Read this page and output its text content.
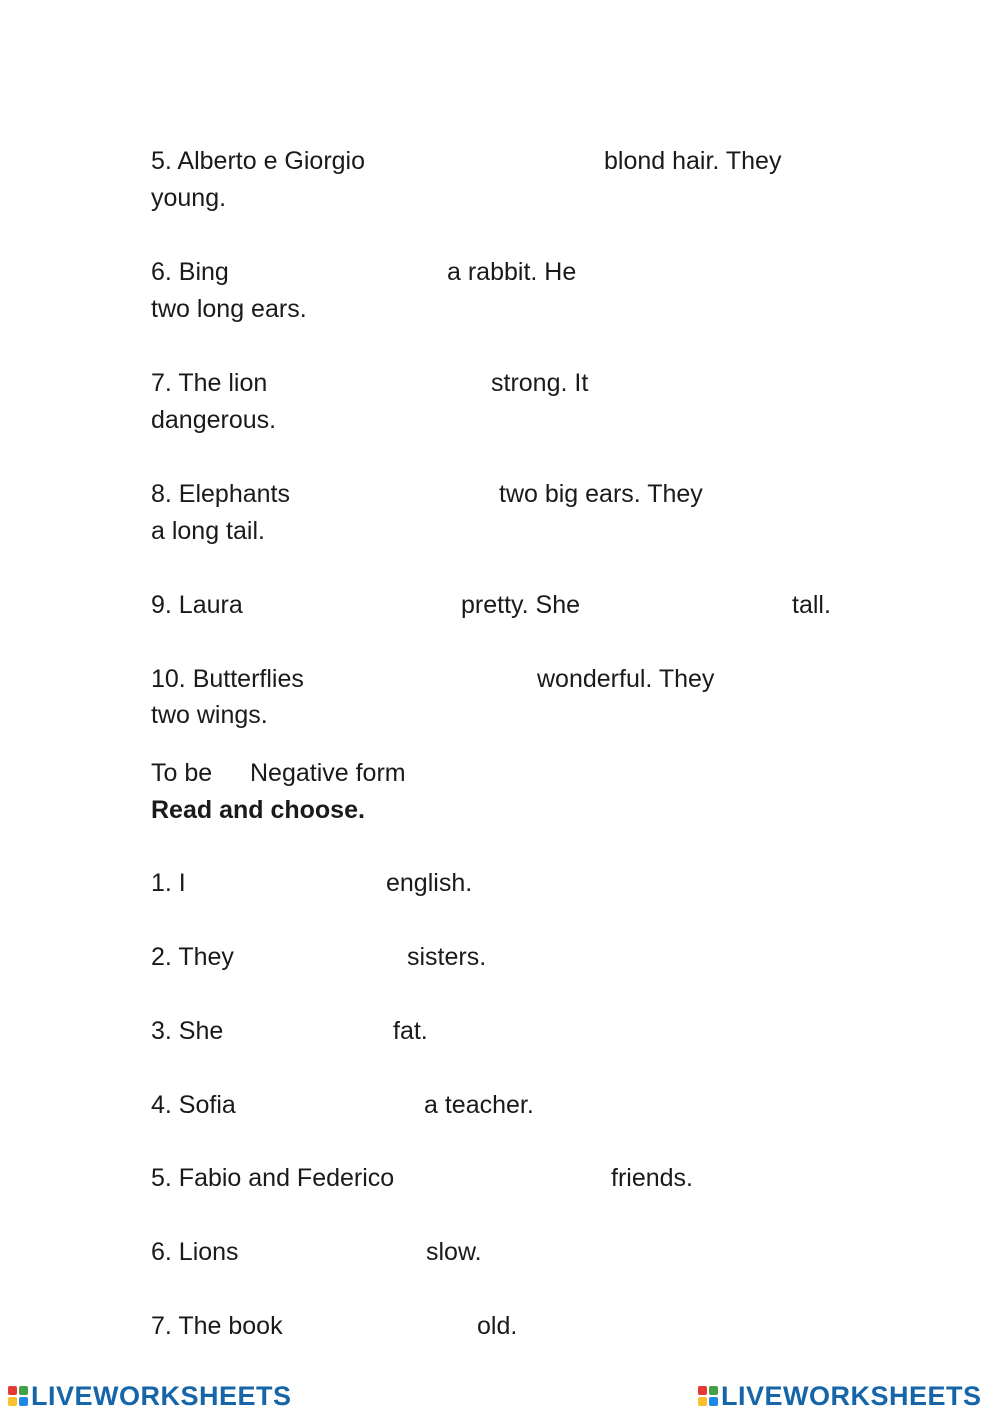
5. Alberto e Giorgio	blond hair. They
young.
6. Bing	a rabbit. He
two long ears.
7. The lion	strong. It
dangerous.
8. Elephants	two big ears. They
a long tail.
9. Laura	pretty. She	tall.
10. Butterflies	wonderful. They
two wings.
To be Negative form
Read and choose.
1. I	english.
2. They	sisters.
3. She	fat.
4. Sofia	a teacher.
5. Fabio and Federico	friends.
6. Lions	slow.
7. The book	old.
LIVEWORKSHEETS	LIVEWORKSHEETS
